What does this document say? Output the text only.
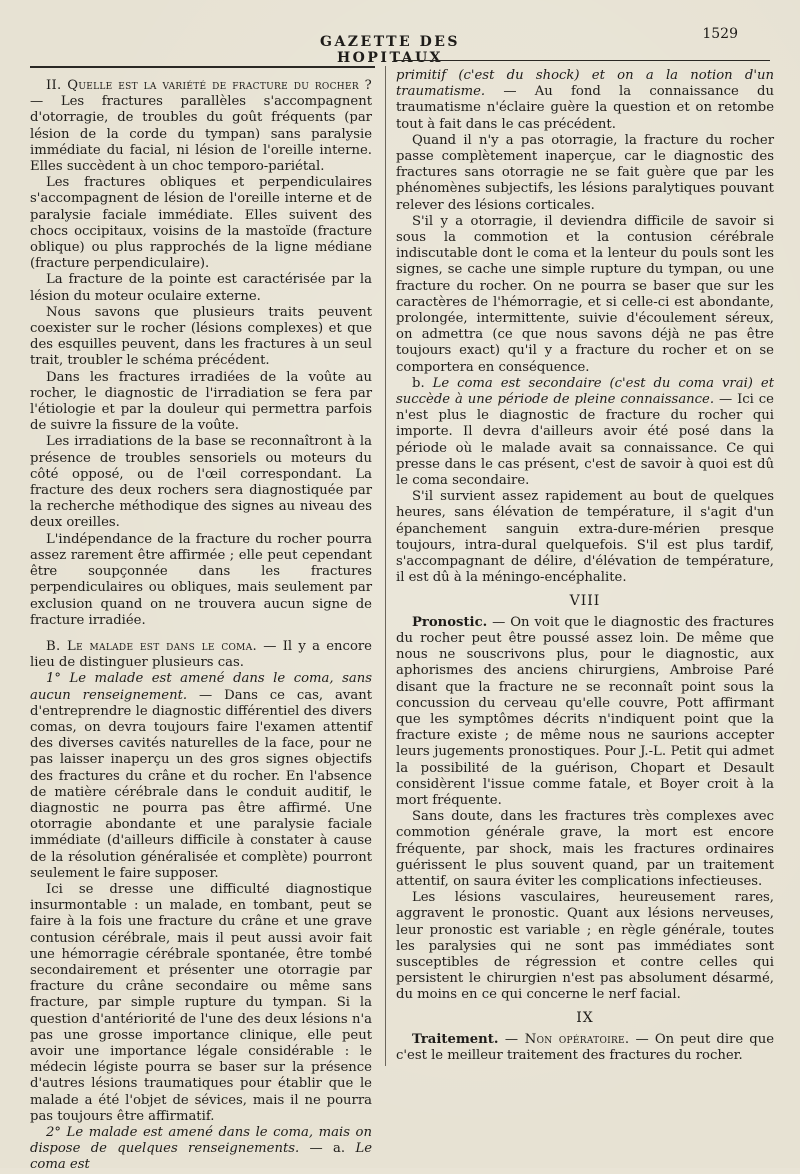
GAZETTE DES HOPITAUX
1529

II. Quelle est la variété de fracture du rocher ? — Les fractures parallèles s'accompagnent d'otorragie, de troubles du goût fréquents (par lésion de la corde du tympan) sans paralysie immédiate du facial, ni lésion de l'oreille interne. Elles succèdent à un choc temporo-pariétal.

Les fractures obliques et perpendiculaires s'accompagnent de lésion de l'oreille interne et de paralysie faciale immédiate. Elles suivent des chocs occipitaux, voisins de la mastoïde (fracture oblique) ou plus rapprochés de la ligne médiane (fracture perpendiculaire).

La fracture de la pointe est caractérisée par la lésion du moteur oculaire externe.

Nous savons que plusieurs traits peuvent coexister sur le rocher (lésions complexes) et que des esquilles peuvent, dans les fractures à un seul trait, troubler le schéma précédent.

Dans les fractures irradiées de la voûte au rocher, le diagnostic de l'irradiation se fera par l'étiologie et par la douleur qui permettra parfois de suivre la fissure de la voûte.

Les irradiations de la base se reconnaîtront à la présence de troubles sensoriels ou moteurs du côté opposé, ou de l'œil correspondant. La fracture des deux rochers sera diagnostiquée par la recherche méthodique des signes au niveau des deux oreilles.

L'indépendance de la fracture du rocher pourra assez rarement être affirmée ; elle peut cependant être soupçonnée dans les fractures perpendiculaires ou obliques, mais seulement par exclusion quand on ne trouvera aucun signe de fracture irradiée.

B. Le malade est dans le coma. — Il y a encore lieu de distinguer plusieurs cas.

1° Le malade est amené dans le coma, sans aucun renseignement. — Dans ce cas, avant d'entreprendre le diagnostic différentiel des divers comas, on devra toujours faire l'examen attentif des diverses cavités naturelles de la face, pour ne pas laisser inaperçu un des gros signes objectifs des fractures du crâne et du rocher. En l'absence de matière cérébrale dans le conduit auditif, le diagnostic ne pourra pas être affirmé. Une otorragie abondante et une paralysie faciale immédiate (d'ailleurs difficile à constater à cause de la résolution généralisée et complète) pourront seulement le faire supposer.

Ici se dresse une difficulté diagnostique insurmontable : un malade, en tombant, peut se faire à la fois une fracture du crâne et une grave contusion cérébrale, mais il peut aussi avoir fait une hémorragie cérébrale spontanée, être tombé secondairement et présenter une otorragie par fracture du crâne secondaire ou même sans fracture, par simple rupture du tympan. Si la question d'antériorité de l'une des deux lésions n'a pas une grosse importance clinique, elle peut avoir une importance légale considérable : le médecin légiste pourra se baser sur la présence d'autres lésions traumatiques pour établir que le malade a été l'objet de sévices, mais il ne pourra pas toujours être affirmatif.

2° Le malade est amené dans le coma, mais on dispose de quelques renseignements. — a. Le coma est

primitif (c'est du shock) et on a la notion d'un traumatisme. — Au fond la connaissance du traumatisme n'éclaire guère la question et on retombe tout à fait dans le cas précédent.

Quand il n'y a pas otorragie, la fracture du rocher passe complètement inaperçue, car le diagnostic des fractures sans otorragie ne se fait guère que par les phénomènes subjectifs, les lésions paralytiques pouvant relever des lésions corticales.

S'il y a otorragie, il deviendra difficile de savoir si sous la commotion et la contusion cérébrale indiscutable dont le coma et la lenteur du pouls sont les signes, se cache une simple rupture du tympan, ou une fracture du rocher. On ne pourra se baser que sur les caractères de l'hémorragie, et si celle-ci est abondante, prolongée, intermittente, suivie d'écoulement séreux, on admettra (ce que nous savons déjà ne pas être toujours exact) qu'il y a fracture du rocher et on se comportera en conséquence.

b. Le coma est secondaire (c'est du coma vrai) et succède à une période de pleine connaissance. — Ici ce n'est plus le diagnostic de fracture du rocher qui importe. Il devra d'ailleurs avoir été posé dans la période où le malade avait sa connaissance. Ce qui presse dans le cas présent, c'est de savoir à quoi est dû le coma secondaire.

S'il survient assez rapidement au bout de quelques heures, sans élévation de température, il s'agit d'un épanchement sanguin extra-dure-mérien presque toujours, intra-dural quelquefois. S'il est plus tardif, s'accompagnant de délire, d'élévation de température, il est dû à la méningo-encéphalite.

VIII

Pronostic. — On voit que le diagnostic des fractures du rocher peut être poussé assez loin. De même que nous ne souscrivons plus, pour le diagnostic, aux aphorismes des anciens chirurgiens, Ambroise Paré disant que la fracture ne se reconnaît point sous la concussion du cerveau qu'elle couvre, Pott affirmant que les symptômes décrits n'indiquent point que la fracture existe ; de même nous ne saurions accepter leurs jugements pronostiques. Pour J.-L. Petit qui admet la possibilité de la guérison, Chopart et Desault considèrent l'issue comme fatale, et Boyer croit à la mort fréquente.

Sans doute, dans les fractures très complexes avec commotion générale grave, la mort est encore fréquente, par shock, mais les fractures ordinaires guérissent le plus souvent quand, par un traitement attentif, on saura éviter les complications infectieuses.

Les lésions vasculaires, heureusement rares, aggravent le pronostic. Quant aux lésions nerveuses, leur pronostic est variable ; en règle générale, toutes les paralysies qui ne sont pas immédiates sont susceptibles de régression et contre celles qui persistent le chirurgien n'est pas absolument désarmé, du moins en ce qui concerne le nerf facial.

IX

Traitement. — Non opératoire. — On peut dire que c'est le meilleur traitement des fractures du rocher.
